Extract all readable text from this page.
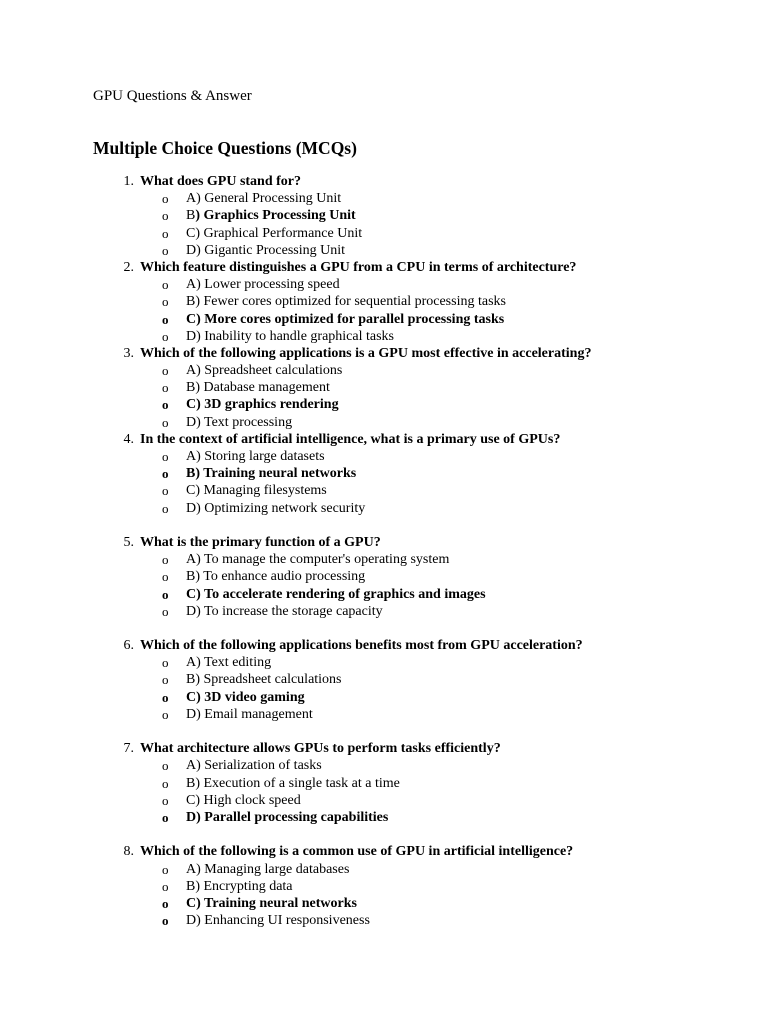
GPU Questions & Answer
Multiple Choice Questions (MCQs)
1. What does GPU stand for?
o A) General Processing Unit
o B) Graphics Processing Unit
o C) Graphical Performance Unit
o D) Gigantic Processing Unit
2. Which feature distinguishes a GPU from a CPU in terms of architecture?
o A) Lower processing speed
o B) Fewer cores optimized for sequential processing tasks
o C) More cores optimized for parallel processing tasks
o D) Inability to handle graphical tasks
3. Which of the following applications is a GPU most effective in accelerating?
o A) Spreadsheet calculations
o B) Database management
o C) 3D graphics rendering
o D) Text processing
4. In the context of artificial intelligence, what is a primary use of GPUs?
o A) Storing large datasets
o B) Training neural networks
o C) Managing filesystems
o D) Optimizing network security
5. What is the primary function of a GPU?
o A) To manage the computer's operating system
o B) To enhance audio processing
o C) To accelerate rendering of graphics and images
o D) To increase the storage capacity
6. Which of the following applications benefits most from GPU acceleration?
o A) Text editing
o B) Spreadsheet calculations
o C) 3D video gaming
o D) Email management
7. What architecture allows GPUs to perform tasks efficiently?
o A) Serialization of tasks
o B) Execution of a single task at a time
o C) High clock speed
o D) Parallel processing capabilities
8. Which of the following is a common use of GPU in artificial intelligence?
o A) Managing large databases
o B) Encrypting data
o C) Training neural networks
o D) Enhancing UI responsiveness
